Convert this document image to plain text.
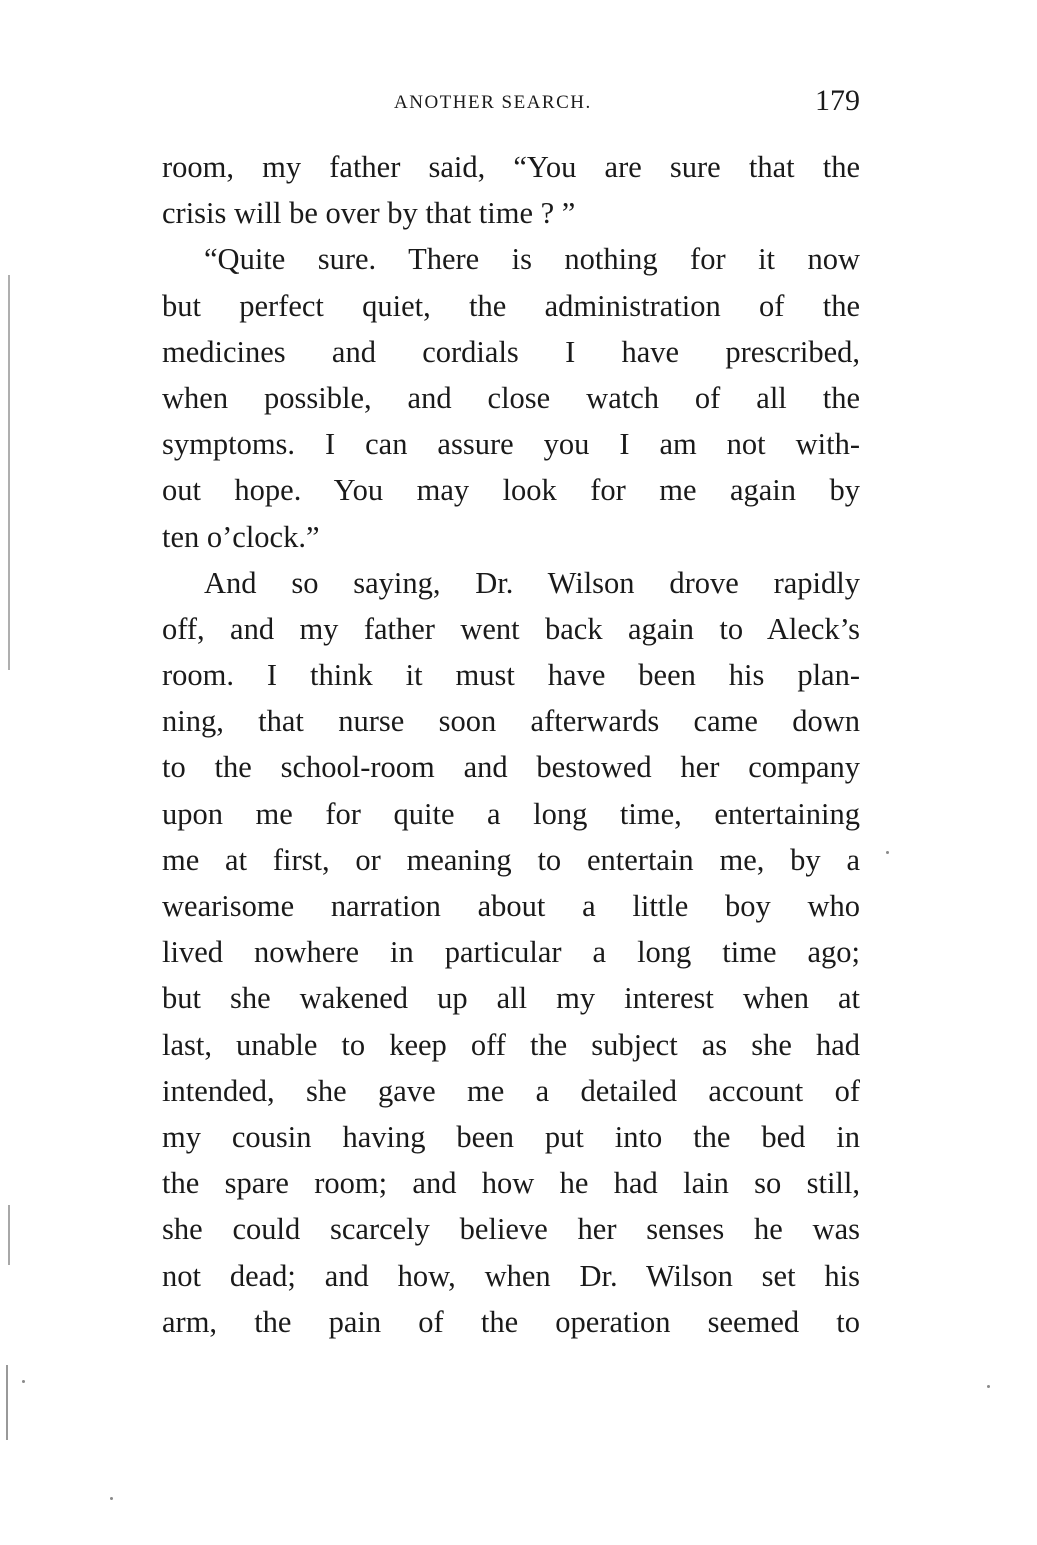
ANOTHER SEARCH.	179
room, my father said, “You are sure that the
crisis will be over by that time ? ”
“Quite sure. There is nothing for it now
but perfect quiet, the administration of the
medicines and cordials I have prescribed,
when possible, and close watch of all the
symptoms. I can assure you I am not with-
out hope. You may look for me again by
ten o’clock.”
And so saying, Dr. Wilson drove rapidly
off, and my father went back again to Aleck’s
room. I think it must have been his plan-
ning, that nurse soon afterwards came down
to the school-room and bestowed her company
upon me for quite a long time, entertaining
me at first, or meaning to entertain me, by a
wearisome narration about a little boy who
lived nowhere in particular a long time ago;
but she wakened up all my interest when at
last, unable to keep off the subject as she had
intended, she gave me a detailed account of
my cousin having been put into the bed in
the spare room; and how he had lain so still,
she could scarcely believe her senses he was
not dead; and how, when Dr. Wilson set his
arm, the pain of the operation seemed to
